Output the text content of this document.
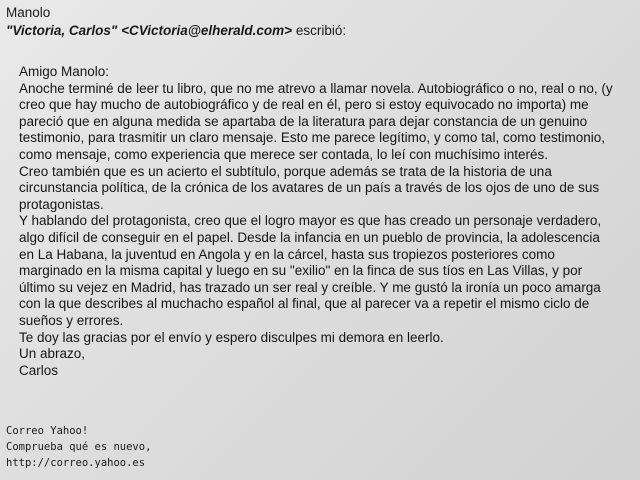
Manolo
"Victoria, Carlos" <CVictoria@elherald.com> escribió:
Amigo Manolo:
Anoche terminé de leer tu libro, que no me atrevo a llamar novela. Autobiográfico o no, real o no, (y
creo que hay mucho de autobiográfico y de real en él, pero si estoy equivocado no importa) me
pareció que en alguna medida se apartaba de la literatura para dejar constancia de un genuino
testimonio, para trasmitir un claro mensaje. Esto me parece legítimo, y como tal, como testimonio,
como mensaje, como experiencia que merece ser contada, lo leí con muchísimo interés.
Creo también que es un acierto el subtítulo, porque además se trata de la historia de una
circunstancia política, de la crónica de los avatares de un país a través de los ojos de uno de sus
protagonistas.
Y hablando del protagonista, creo que el logro mayor es que has creado un personaje verdadero,
algo difícil de conseguir en el papel. Desde la infancia en un pueblo de provincia, la adolescencia
en La Habana, la juventud en Angola y en la cárcel, hasta sus tropiezos posteriores como
marginado en la misma capital y luego en su "exilio" en la finca de sus tíos en Las Villas, y por
último su vejez en Madrid, has trazado un ser real y creíble. Y me gustó la ironía un poco amarga
con la que describes al muchacho español al final, que al parecer va a repetir el mismo ciclo de
sueños y errores.
Te doy las gracias por el envío y espero disculpes mi demora en leerlo.
Un abrazo,
Carlos
Correo Yahoo!
Comprueba qué es nuevo,
http://correo.yahoo.es
